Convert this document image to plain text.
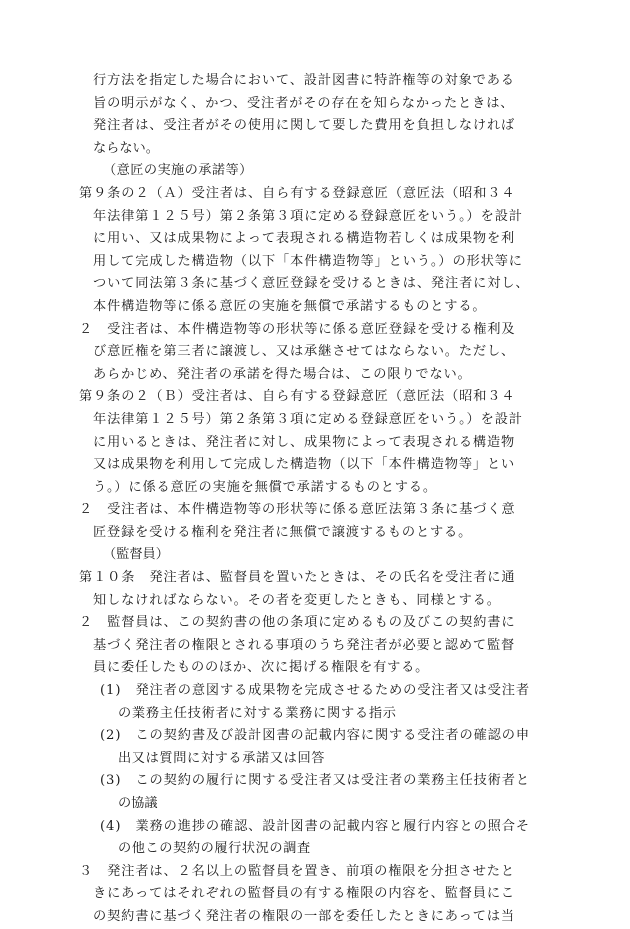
行方法を指定した場合において、設計図書に特許権等の対象である
旨の明示がなく、かつ、受注者がその存在を知らなかったときは、
発注者は、受注者がその使用に関して要した費用を負担しなければ
ならない。
（意匠の実施の承諾等）
第９条の２（Ａ）受注者は、自ら有する登録意匠（意匠法（昭和３４
年法律第１２５号）第２条第３項に定める登録意匠をいう。）を設計
に用い、又は成果物によって表現される構造物若しくは成果物を利
用して完成した構造物（以下「本件構造物等」という。）の形状等に
ついて同法第３条に基づく意匠登録を受けるときは、発注者に対し、
本件構造物等に係る意匠の実施を無償で承諾するものとする。
２　受注者は、本件構造物等の形状等に係る意匠登録を受ける権利及
び意匠権を第三者に譲渡し、又は承継させてはならない。ただし、
あらかじめ、発注者の承諾を得た場合は、この限りでない。
第９条の２（Ｂ）受注者は、自ら有する登録意匠（意匠法（昭和３４
年法律第１２５号）第２条第３項に定める登録意匠をいう。）を設計
に用いるときは、発注者に対し、成果物によって表現される構造物
又は成果物を利用して完成した構造物（以下「本件構造物等」とい
う。）に係る意匠の実施を無償で承諾するものとする。
２　受注者は、本件構造物等の形状等に係る意匠法第３条に基づく意
匠登録を受ける権利を発注者に無償で譲渡するものとする。
（監督員）
第１０条　発注者は、監督員を置いたときは、その氏名を受注者に通
知しなければならない。その者を変更したときも、同様とする。
２　監督員は、この契約書の他の条項に定めるもの及びこの契約書に
基づく発注者の権限とされる事項のうち発注者が必要と認めて監督
員に委任したもののほか、次に掲げる権限を有する。
(1)　発注者の意図する成果物を完成させるための受注者又は受注者
の業務主任技術者に対する業務に関する指示
(2)　この契約書及び設計図書の記載内容に関する受注者の確認の申
出又は質問に対する承諾又は回答
(3)　この契約の履行に関する受注者又は受注者の業務主任技術者と
の協議
(4)　業務の進捗の確認、設計図書の記載内容と履行内容との照合そ
の他この契約の履行状況の調査
３　発注者は、２名以上の監督員を置き、前項の権限を分担させたと
きにあってはそれぞれの監督員の有する権限の内容を、監督員にこ
の契約書に基づく発注者の権限の一部を委任したときにあっては当
